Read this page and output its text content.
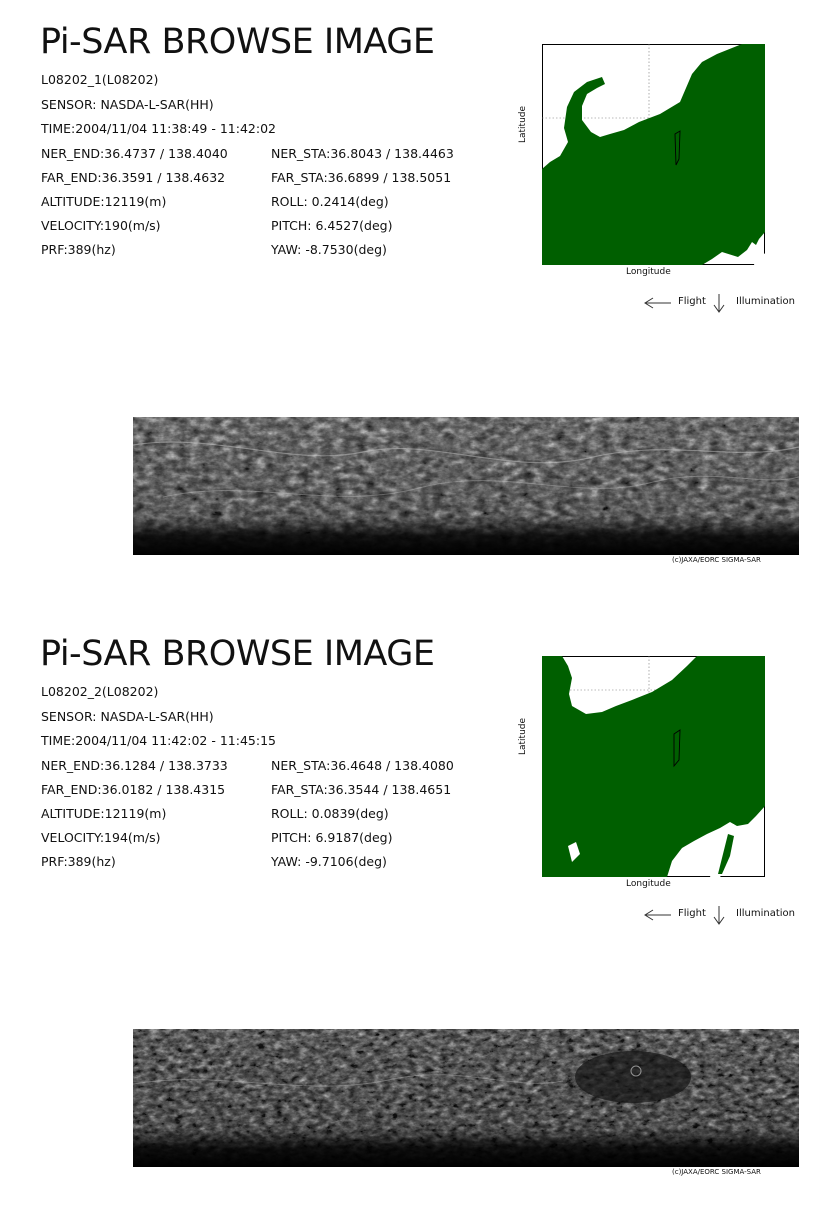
Pi-SAR BROWSE IMAGE
L08202_1(L08202)
SENSOR: NASDA-L-SAR(HH)
TIME:2004/11/04 11:38:49 - 11:42:02
NER_END:36.4737 / 138.4040
FAR_END:36.3591 / 138.4632
ALTITUDE:12119(m)
VELOCITY:190(m/s)
PRF:389(hz)
NER_STA:36.8043 / 138.4463
FAR_STA:36.6899 / 138.5051
ROLL: 0.2414(deg)
PITCH: 6.4527(deg)
YAW: -8.7530(deg)
Latitude
Longitude
Flight	Illumination
(c)JAXA/EORC SIGMA-SAR
Pi-SAR BROWSE IMAGE
L08202_2(L08202)
SENSOR: NASDA-L-SAR(HH)
TIME:2004/11/04 11:42:02 - 11:45:15
NER_END:36.1284 / 138.3733
FAR_END:36.0182 / 138.4315
ALTITUDE:12119(m)
VELOCITY:194(m/s)
PRF:389(hz)
NER_STA:36.4648 / 138.4080
FAR_STA:36.3544 / 138.4651
ROLL: 0.0839(deg)
PITCH: 6.9187(deg)
YAW: -9.7106(deg)
Latitude
Longitude
Flight	Illumination
(c)JAXA/EORC SIGMA-SAR
